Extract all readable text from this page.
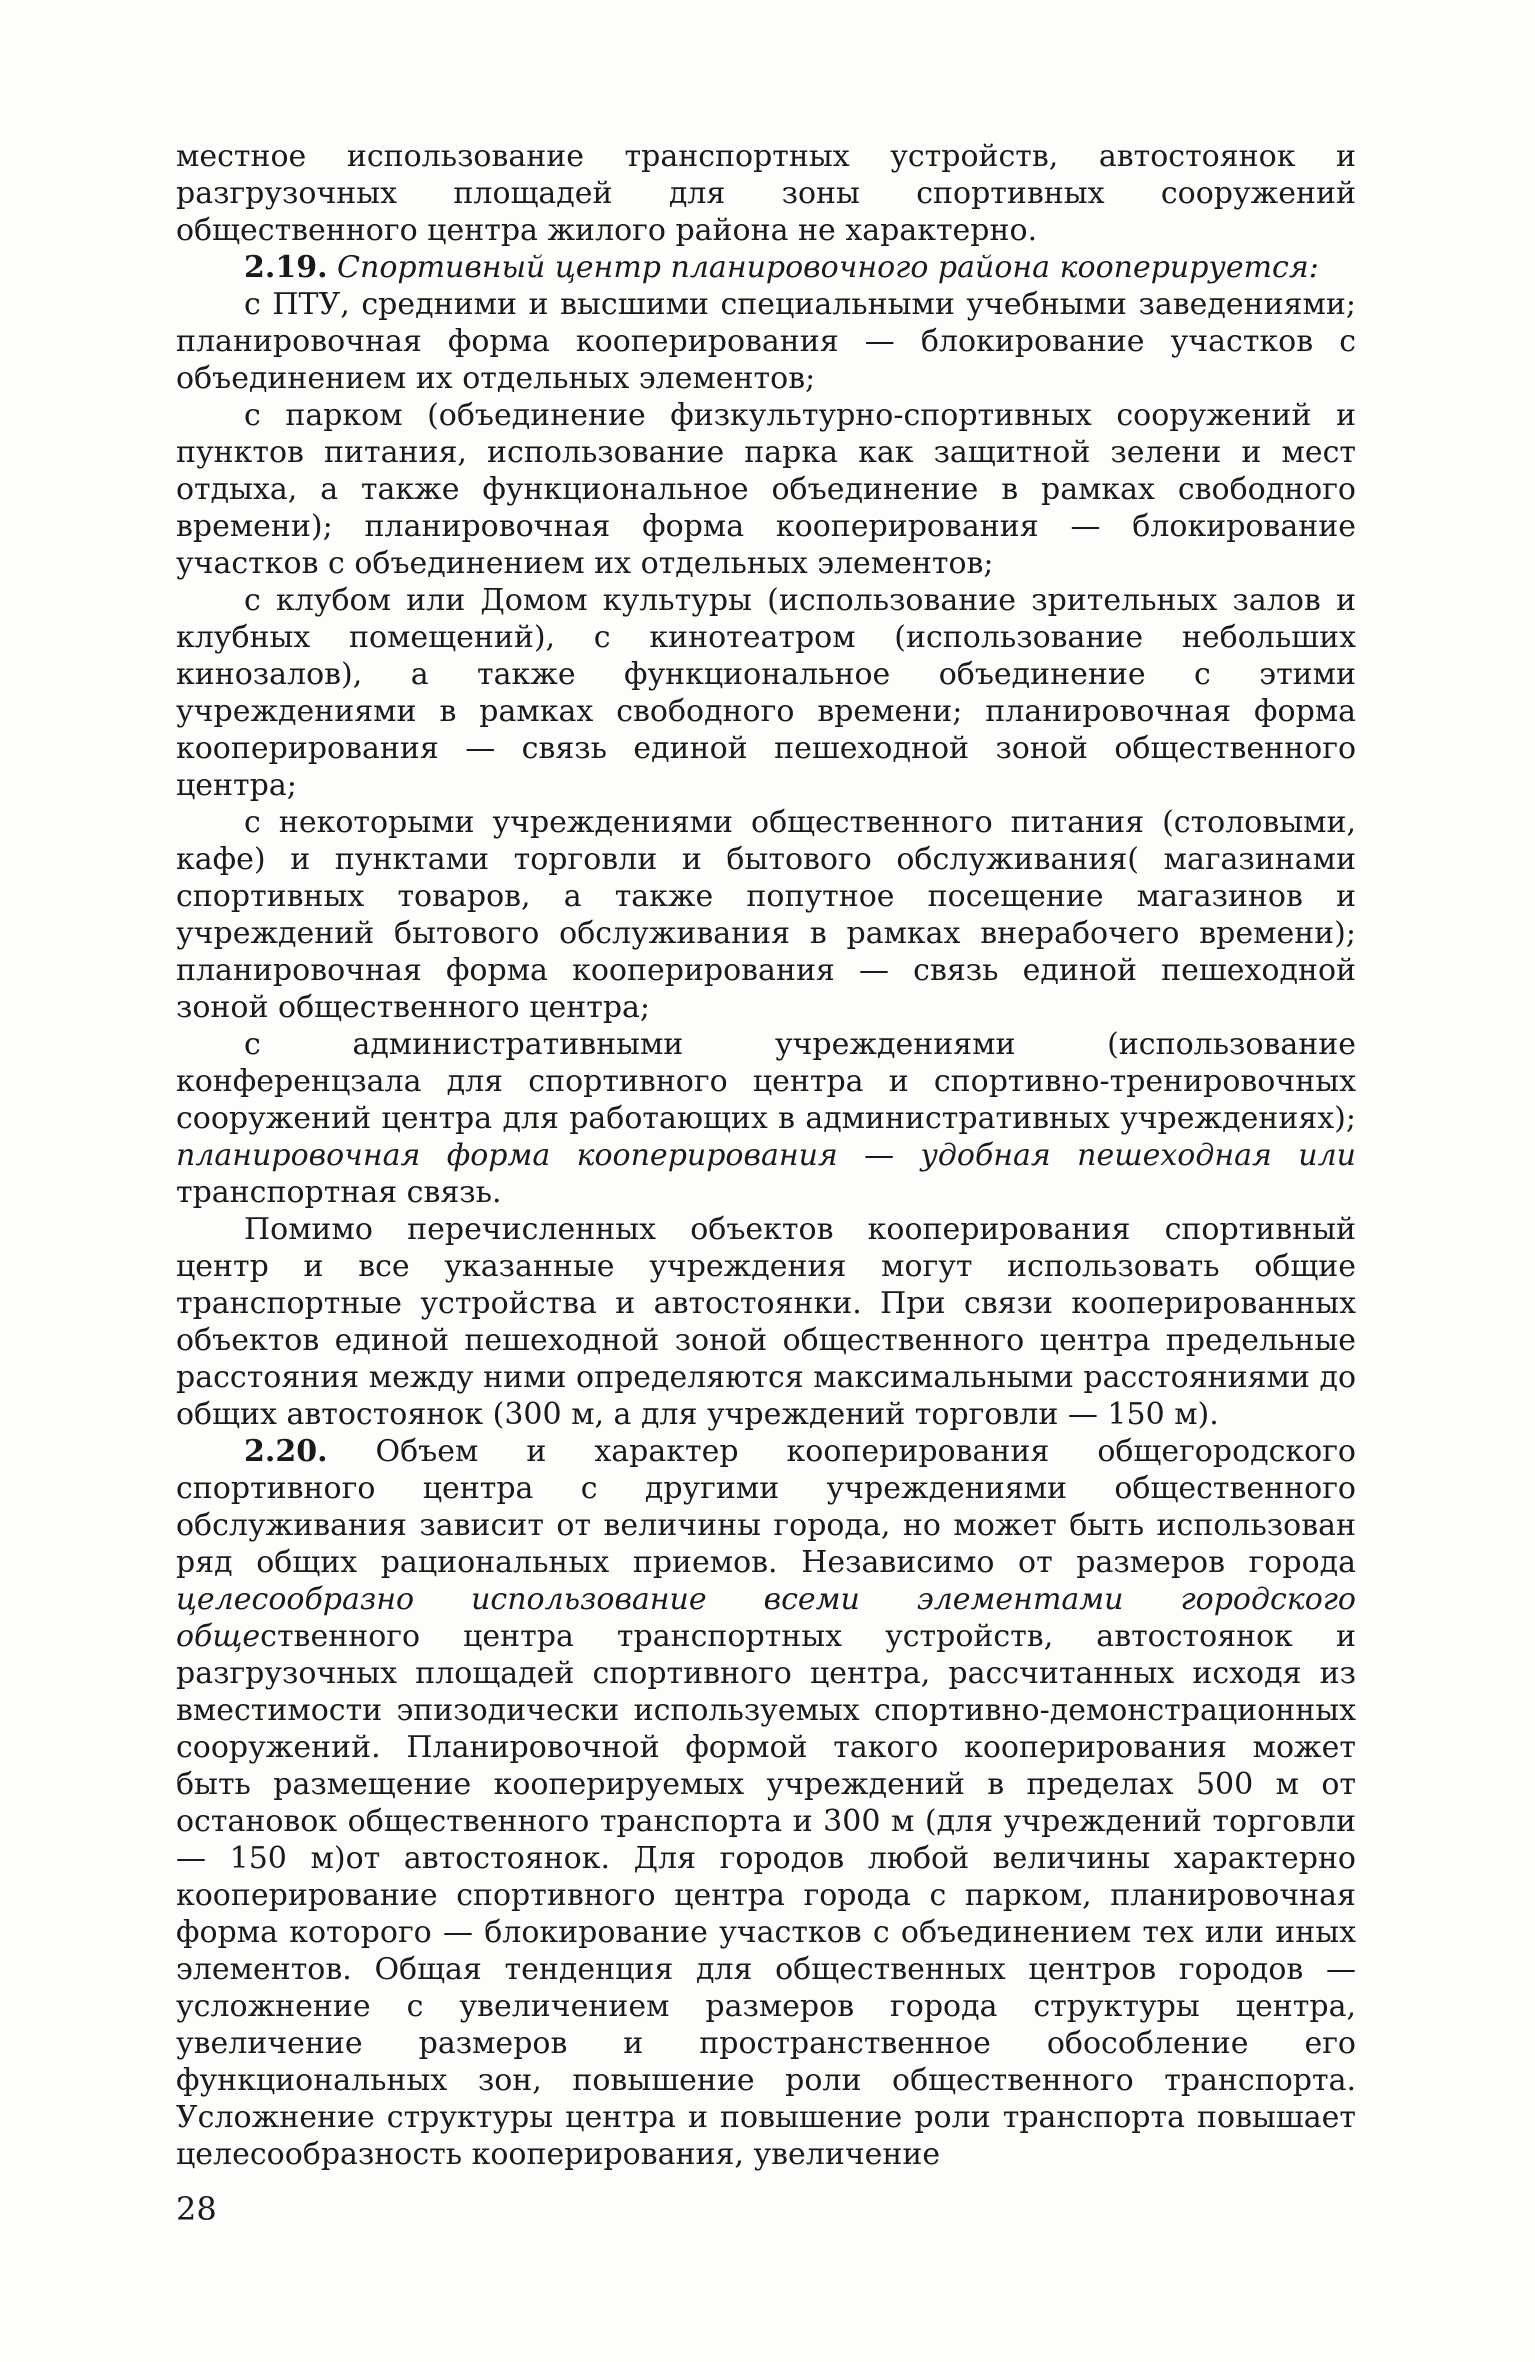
местное использование транспортных устройств, автостоянок и разгрузочных площадей для зоны спортивных сооружений общественного центра жилого района не характерно.

2.19. Спортивный центр планировочного района кооперируется:

с ПТУ, средними и высшими специальными учебными заведениями; планировочная форма кооперирования — блокирование участков с объединением их отдельных элементов;

с парком (объединение физкультурно-спортивных сооружений и пунктов питания, использование парка как защитной зелени и мест отдыха, а также функциональное объединение в рамках свободного времени); планировочная форма кооперирования — блокирование участков с объединением их отдельных элементов;

с клубом или Домом культуры (использование зрительных залов и клубных помещений), с кинотеатром (использование небольших кинозалов), а также функциональное объединение с этими учреждениями в рамках свободного времени; планировочная форма кооперирования — связь единой пешеходной зоной общественного центра;

с некоторыми учреждениями общественного питания (столовыми, кафе) и пунктами торговли и бытового обслуживания( магазинами спортивных товаров, а также попутное посещение магазинов и учреждений бытового обслуживания в рамках внерабочего времени); планировочная форма кооперирования — связь единой пешеходной зоной общественного центра;

с административными учреждениями (использование конференцзала для спортивного центра и спортивно-тренировочных сооружений центра для работающих в административных учреждениях); планировочная форма кооперирования — удобная пешеходная или транспортная связь.

Помимо перечисленных объектов кооперирования спортивный центр и все указанные учреждения могут использовать общие транспортные устройства и автостоянки. При связи кооперированных объектов единой пешеходной зоной общественного центра предельные расстояния между ними определяются максимальными расстояниями до общих автостоянок (300 м, а для учреждений торговли — 150 м).

2.20. Объем и характер кооперирования общегородского спортивного центра с другими учреждениями общественного обслуживания зависит от величины города, но может быть использован ряд общих рациональных приемов. Независимо от размеров города целесообразно использование всеми элементами городского общественного центра транспортных устройств, автостоянок и разгрузочных площадей спортивного центра, рассчитанных исходя из вместимости эпизодически используемых спортивно-демонстрационных сооружений. Планировочной формой такого кооперирования может быть размещение кооперируемых учреждений в пределах 500 м от остановок общественного транспорта и 300 м (для учреждений торговли — 150 м)от автостоянок. Для городов любой величины характерно кооперирование спортивного центра города с парком, планировочная форма которого — блокирование участков с объединением тех или иных элементов. Общая тенденция для общественных центров городов — усложнение с увеличением размеров города структуры центра, увеличение размеров и пространственное обособление его функциональных зон, повышение роли общественного транспорта. Усложнение структуры центра и повышение роли транспорта повышает целесообразность кооперирования, увеличение

28
